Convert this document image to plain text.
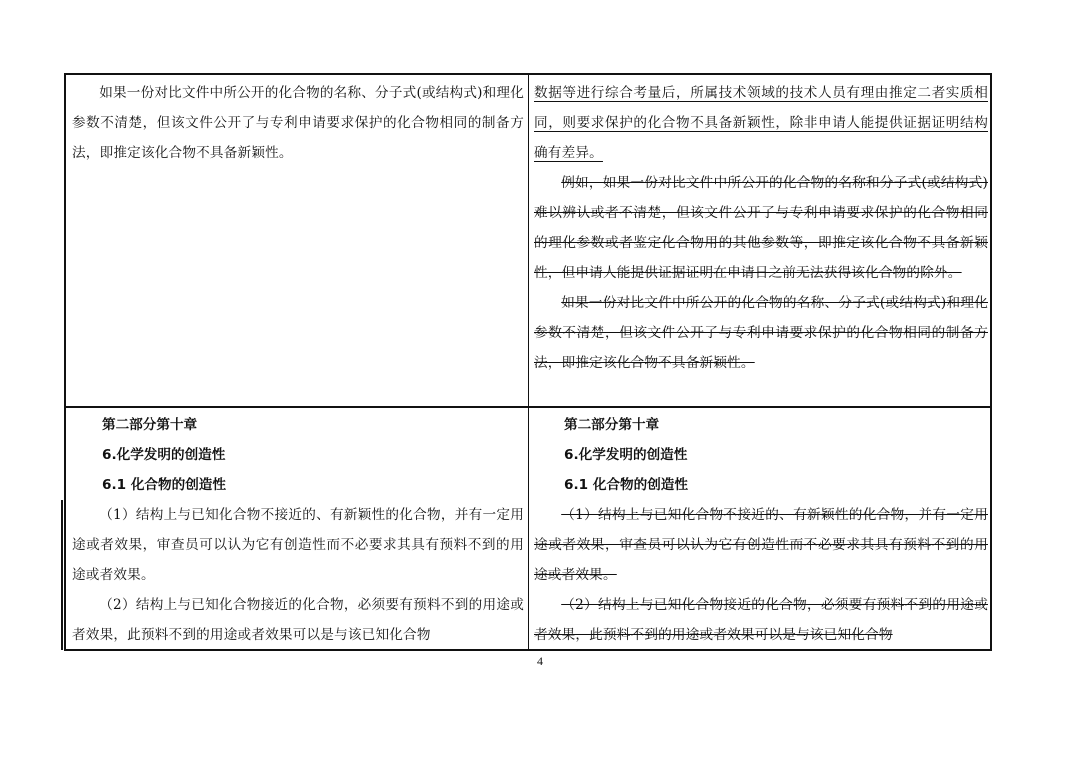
如果一份对比文件中所公开的化合物的名称、分子式(或结构式)和理化参数不清楚，但该文件公开了与专利申请要求保护的化合物相同的制备方法，即推定该化合物不具备新颖性。

数据等进行综合考量后，所属技术领域的技术人员有理由推定二者实质相同，则要求保护的化合物不具备新颖性，除非申请人能提供证据证明结构确有差异。

例如，如果一份对比文件中所公开的化合物的名称和分子式(或结构式)难以辨认或者不清楚，但该文件公开了与专利申请要求保护的化合物相同的理化参数或者鉴定化合物用的其他参数等，即推定该化合物不具备新颖性，但申请人能提供证据证明在申请日之前无法获得该化合物的除外。

如果一份对比文件中所公开的化合物的名称、分子式(或结构式)和理化参数不清楚，但该文件公开了与专利申请要求保护的化合物相同的制备方法，即推定该化合物不具备新颖性。

第二部分第十章

6.化学发明的创造性

6.1 化合物的创造性

（1）结构上与已知化合物不接近的、有新颖性的化合物，并有一定用途或者效果，审查员可以认为它有创造性而不必要求其具有预料不到的用途或者效果。

（2）结构上与已知化合物接近的化合物，必须要有预料不到的用途或者效果，此预料不到的用途或者效果可以是与该已知化合物

第二部分第十章

6.化学发明的创造性

6.1 化合物的创造性

（1）结构上与已知化合物不接近的、有新颖性的化合物，并有一定用途或者效果，审查员可以认为它有创造性而不必要求其具有预料不到的用途或者效果。

（2）结构上与已知化合物接近的化合物，必须要有预料不到的用途或者效果，此预料不到的用途或者效果可以是与该已知化合物

4
